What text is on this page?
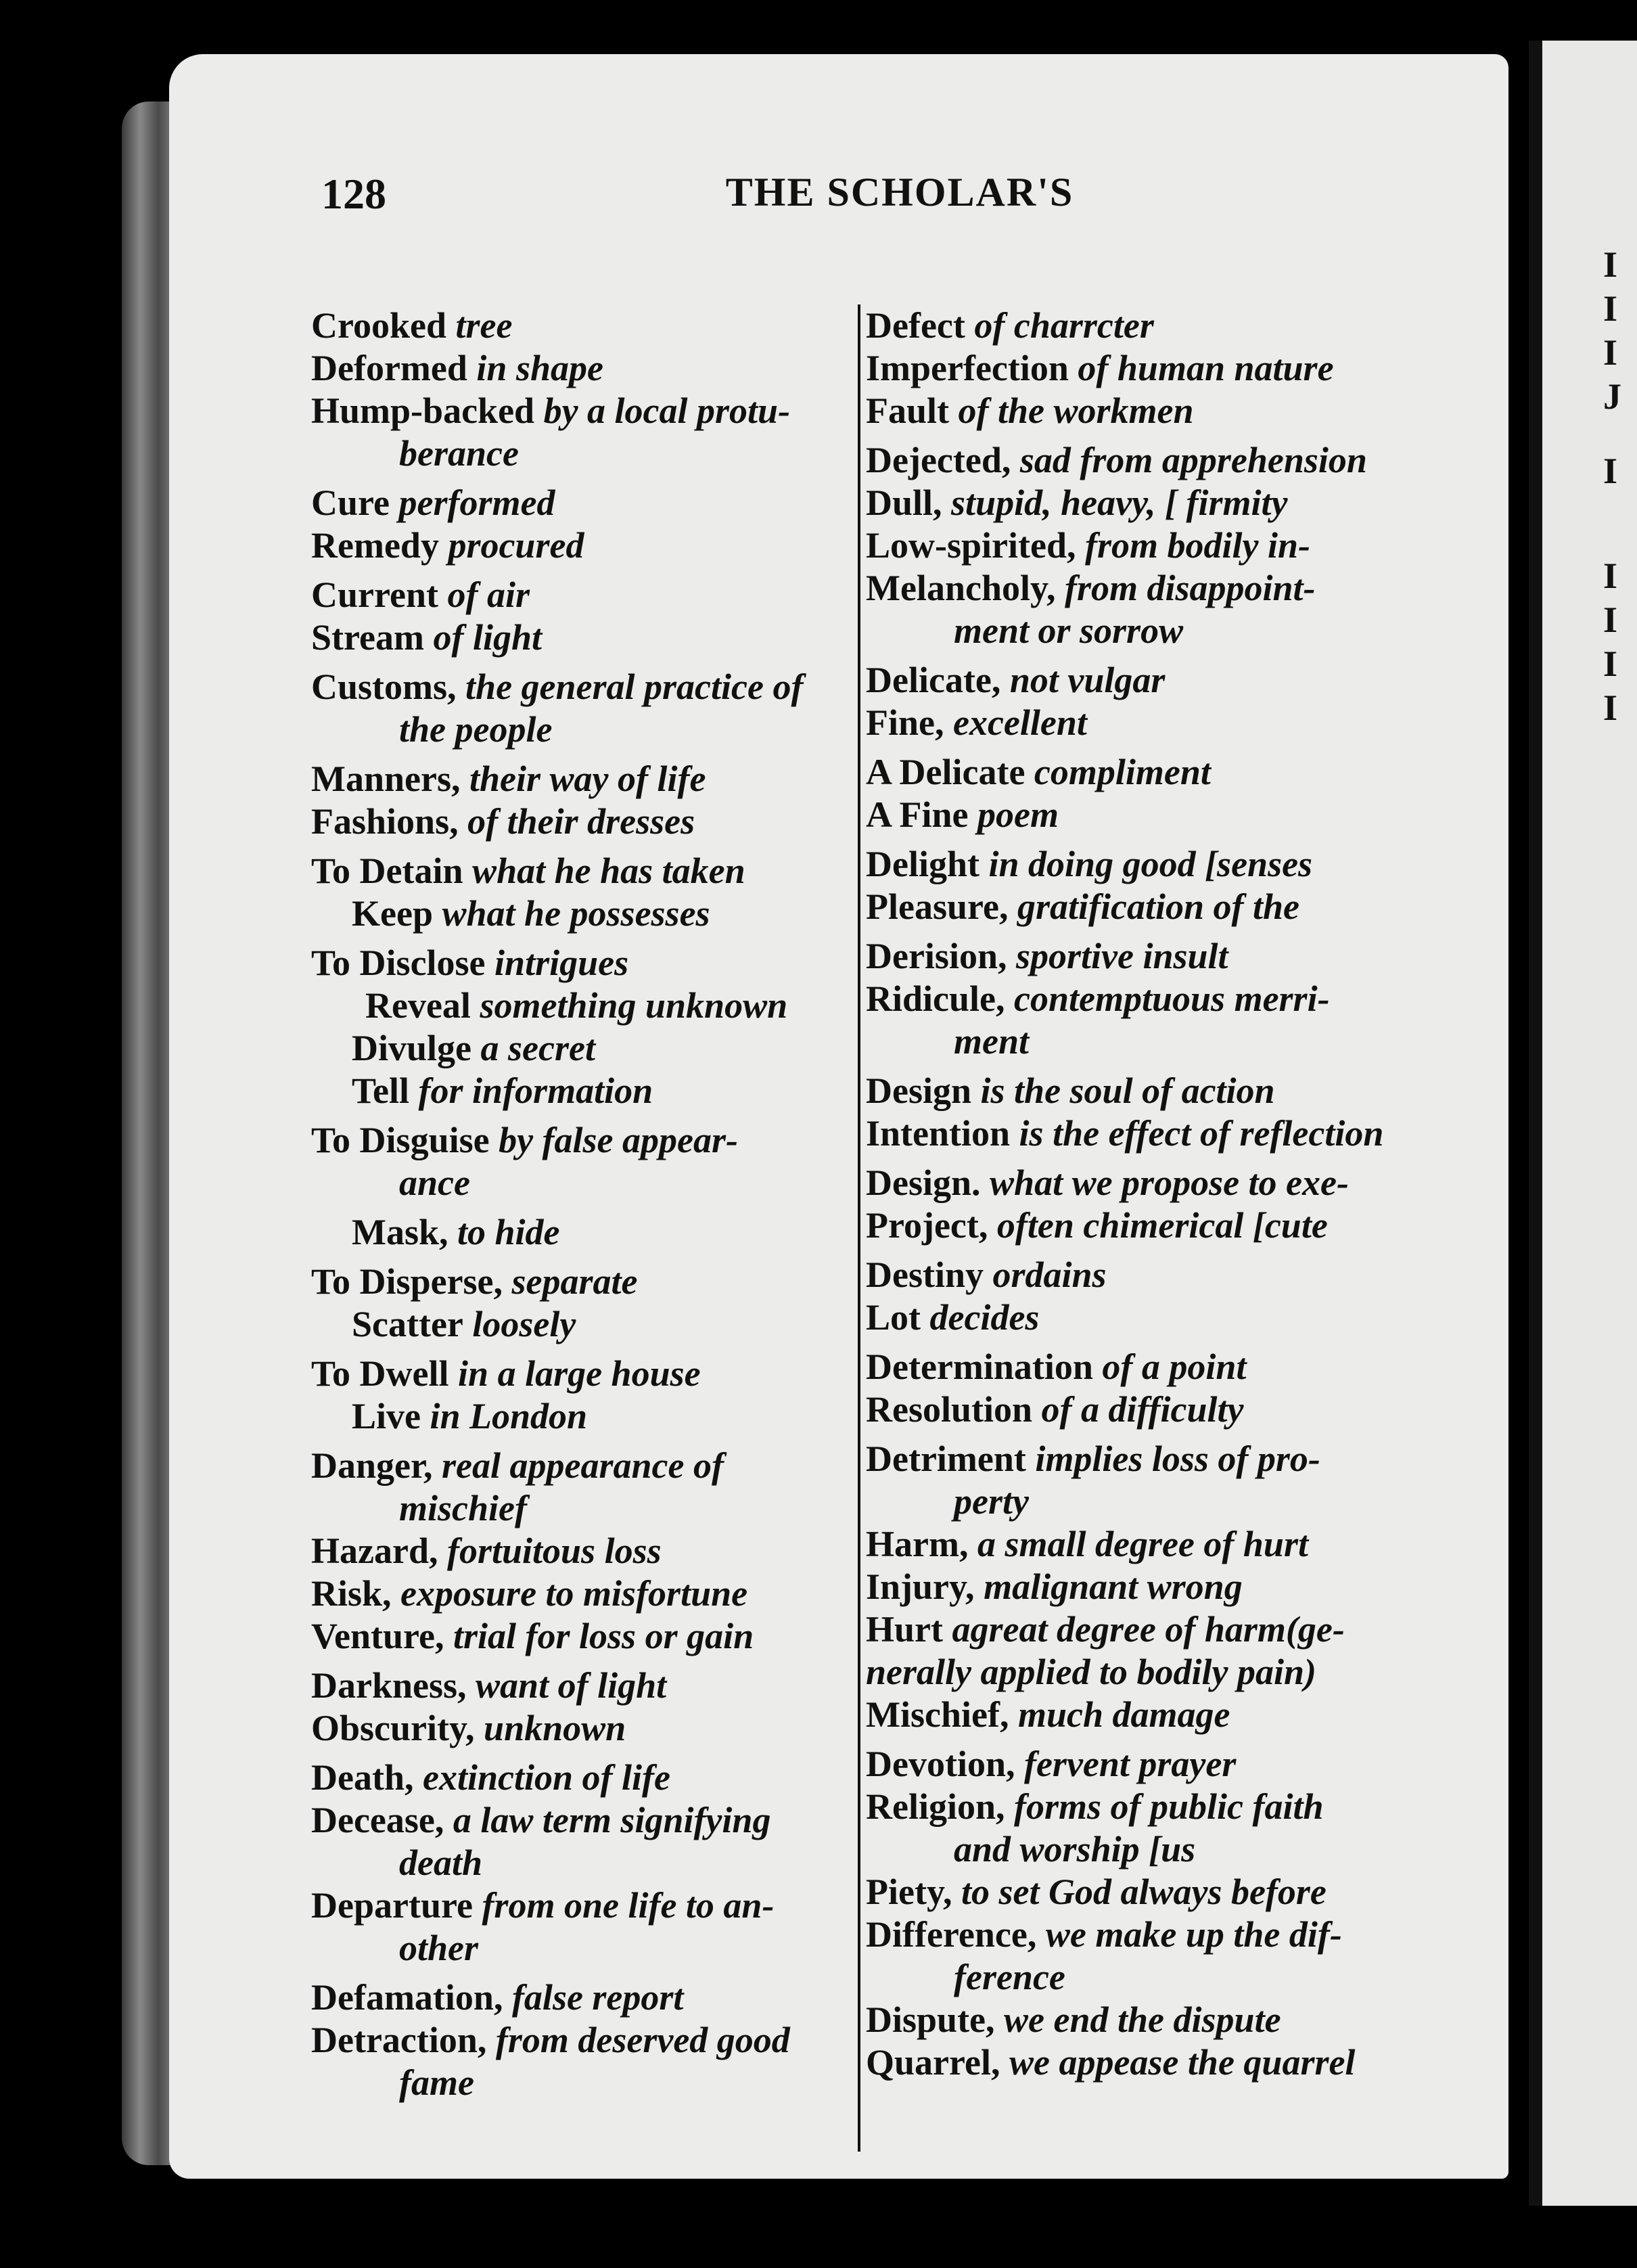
I
I
I
J
I
I
I
I
I
128	THE SCHOLAR'S
Crooked tree
Deformed in shape
Hump-backed by a local protu-
berance
Cure performed
Remedy procured
Current of air
Stream of light
Customs, the general practice of
the people
Manners, their way of life
Fashions, of their dresses
To Detain what he has taken
Keep what he possesses
To Disclose intrigues
Reveal something unknown
Divulge a secret
Tell for information
To Disguise by false appear-
ance
Mask, to hide
To Disperse, separate
Scatter loosely
To Dwell in a large house
Live in London
Danger, real appearance of
mischief
Hazard, fortuitous loss
Risk, exposure to misfortune
Venture, trial for loss or gain
Darkness, want of light
Obscurity, unknown
Death, extinction of life
Decease, a law term signifying
death
Departure from one life to an-
other
Defamation, false report
Detraction, from deserved good
fame
Defect of charrcter
Imperfection of human nature
Fault of the workmen
Dejected, sad from apprehension
Dull, stupid, heavy, [ firmity
Low-spirited, from bodily in-
Melancholy, from disappoint-
ment or sorrow
Delicate, not vulgar
Fine, excellent
A Delicate compliment
A Fine poem
Delight in doing good [senses
Pleasure, gratification of the
Derision, sportive insult
Ridicule, contemptuous merri-
ment
Design is the soul of action
Intention is the effect of reflection
Design. what we propose to exe-
Project, often chimerical [cute
Destiny ordains
Lot decides
Determination of a point
Resolution of a difficulty
Detriment implies loss of pro-
perty
Harm, a small degree of hurt
Injury, malignant wrong
Hurt agreat degree of harm(ge-
nerally applied to bodily pain)
Mischief, much damage
Devotion, fervent prayer
Religion, forms of public faith
and worship [us
Piety, to set God always before
Difference, we make up the dif-
ference
Dispute, we end the dispute
Quarrel, we appease the quarrel
